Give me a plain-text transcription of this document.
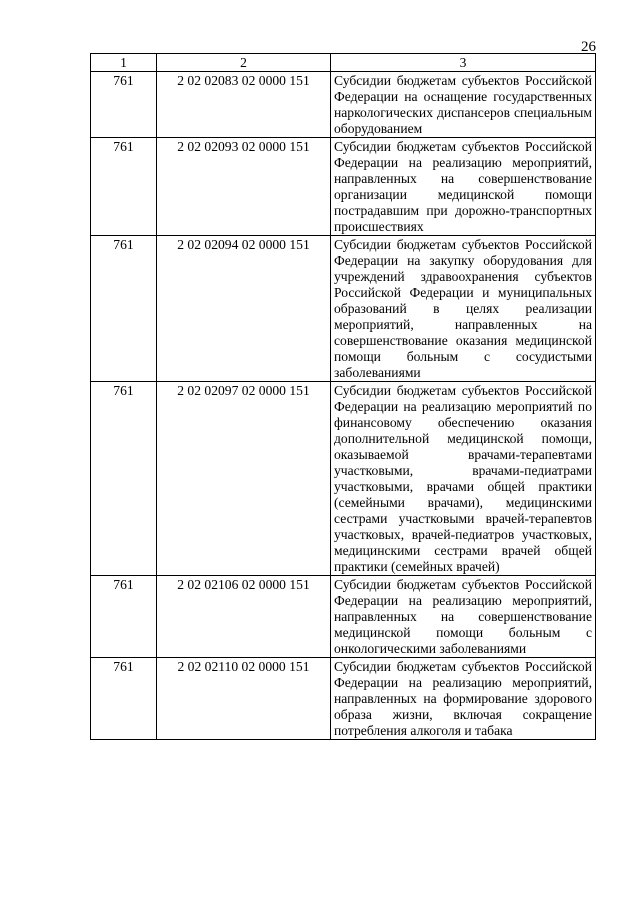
26
1	2	3
761	2 02 02083 02 0000 151	Субсидии бюджетам субъектов Российской Федерации на оснащение государственных наркологических диспансеров специальным оборудованием
761	2 02 02093 02 0000 151	Субсидии бюджетам субъектов Российской Федерации на реализацию мероприятий, направленных на совершенствование организации медицинской помощи пострадавшим при дорожно-транспортных происшествиях
761	2 02 02094 02 0000 151	Субсидии бюджетам субъектов Российской Федерации на закупку оборудования для учреждений здравоохранения субъектов Российской Федерации и муниципальных образований в целях реализации мероприятий, направленных на совершенствование оказания медицинской помощи больным с сосудистыми заболеваниями
761	2 02 02097 02 0000 151	Субсидии бюджетам субъектов Российской Федерации на реализацию мероприятий по финансовому обеспечению оказания дополнительной медицинской помощи, оказываемой врачами-терапевтами участковыми, врачами-педиатрами участковыми, врачами общей практики (семейными врачами), медицинскими сестрами участковыми врачей-терапевтов участковых, врачей-педиатров участковых, медицинскими сестрами врачей общей практики (семейных врачей)
761	2 02 02106 02 0000 151	Субсидии бюджетам субъектов Российской Федерации на реализацию мероприятий, направленных на совершенствование медицинской помощи больным с онкологическими заболеваниями
761	2 02 02110 02 0000 151	Субсидии бюджетам субъектов Российской Федерации на реализацию мероприятий, направленных на формирование здорового образа жизни, включая сокращение потребления алкоголя и табака
